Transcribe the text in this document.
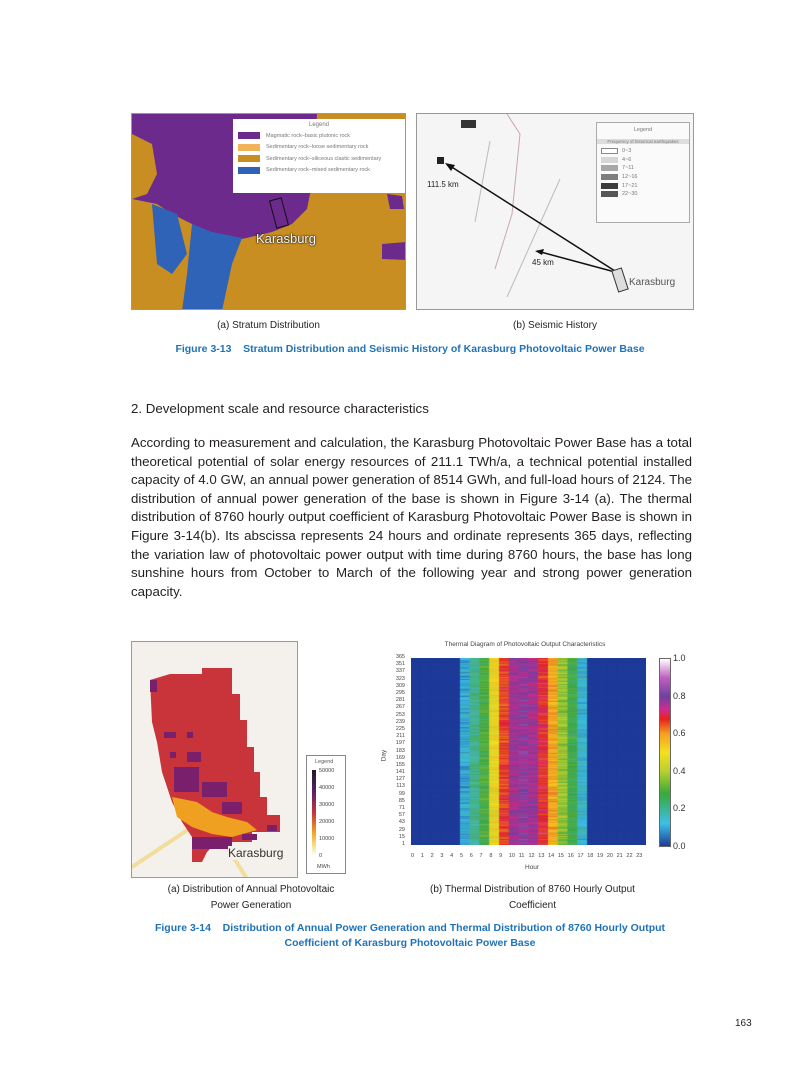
Legend
Magmatic rock–basic plutonic rock
Sedimentary rock–loose sedimentary rock
Sedimentary rock–siliceous clastic sedimentary
Sedimentary rock–mixed sedimentary rock
Karasburg
Legend
Frequency of historical earthquakes
0~3
4~6
7~11
12~16
17~21
22~30
111.5 km
45 km
Karasburg
(a) Stratum Distribution	(b) Seismic History
Figure 3-13    Stratum Distribution and Seismic History of Karasburg Photovoltaic Power Base
2. Development scale and resource characteristics
According to measurement and calculation, the Karasburg Photovoltaic Power Base has a total theoretical potential of solar energy resources of 211.1 TWh/a, a technical potential installed capacity of 4.0 GW, an annual power generation of 8514 GWh, and full-load hours of 2124. The distribution of annual power generation of the base is shown in Figure 3-14 (a). The thermal distribution of 8760 hourly output coefficient of Karasburg Photovoltaic Power Base is shown in Figure 3-14(b). Its abscissa represents 24 hours and ordinate represents 365 days, reflecting the variation law of photovoltaic power output with time during 8760 hours, the base has long sunshine hours from October to March of the following year and strong power generation capacity.
Karasburg
Legend
50000
40000
30000
20000
10000
0
MWh
Thermal Diagram of Photovoltaic Output Characteristics
Day
Hour
1
15
29
43
57
71
85
99
113
127
141
155
169
183
197
211
225
239
253
267
281
295
309
323
337
351
365
0 1 2 3 4 5 6 7 8 9 10 11 12 13 14 15 16 17 18 19 20 21 22 23
1.0
0.8
0.6
0.4
0.2
0.0
(a) Distribution of Annual Photovoltaic
Power Generation
(b) Thermal Distribution of 8760 Hourly Output
Coefficient
Figure 3-14    Distribution of Annual Power Generation and Thermal Distribution of 8760 Hourly Output
Coefficient of Karasburg Photovoltaic Power Base
163
